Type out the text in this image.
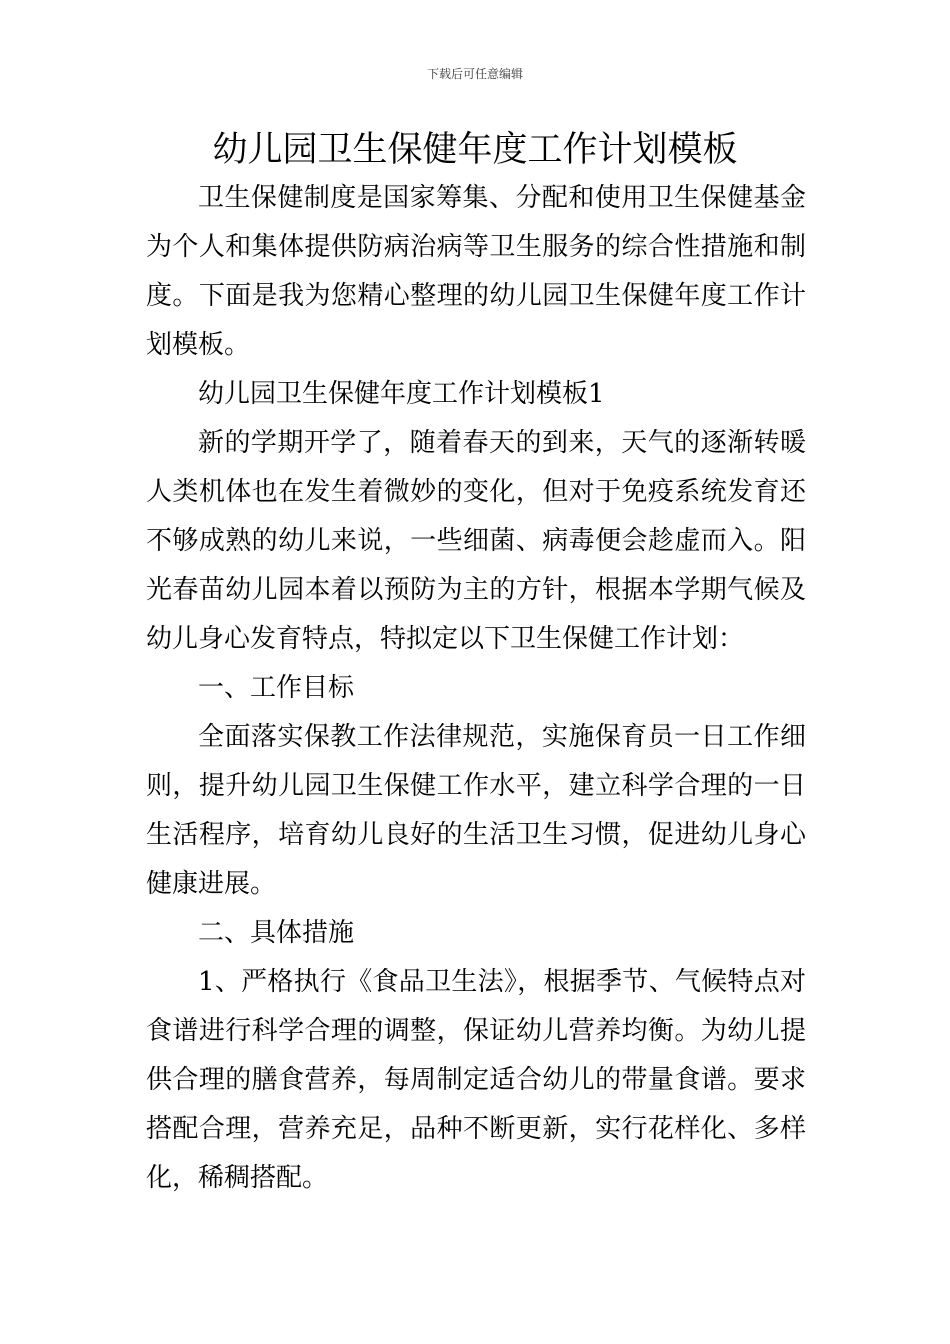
下载后可任意编辑
幼儿园卫生保健年度工作计划模板

卫生保健制度是国家筹集、分配和使用卫生保健基金为个人和集体提供防病治病等卫生服务的综合性措施和制度。下面是我为您精心整理的幼儿园卫生保健年度工作计划模板。

幼儿园卫生保健年度工作计划模板1

新的学期开学了，随着春天的到来，天气的逐渐转暖人类机体也在发生着微妙的变化，但对于免疫系统发育还不够成熟的幼儿来说，一些细菌、病毒便会趁虚而入。阳光春苗幼儿园本着以预防为主的方针，根据本学期气候及幼儿身心发育特点，特拟定以下卫生保健工作计划：

一、工作目标

全面落实保教工作法律规范，实施保育员一日工作细则，提升幼儿园卫生保健工作水平，建立科学合理的一日生活程序，培育幼儿良好的生活卫生习惯，促进幼儿身心健康进展。

二、具体措施

1、严格执行《食品卫生法》，根据季节、气候特点对食谱进行科学合理的调整，保证幼儿营养均衡。为幼儿提供合理的膳食营养，每周制定适合幼儿的带量食谱。要求搭配合理，营养充足，品种不断更新，实行花样化、多样化，稀稠搭配。
